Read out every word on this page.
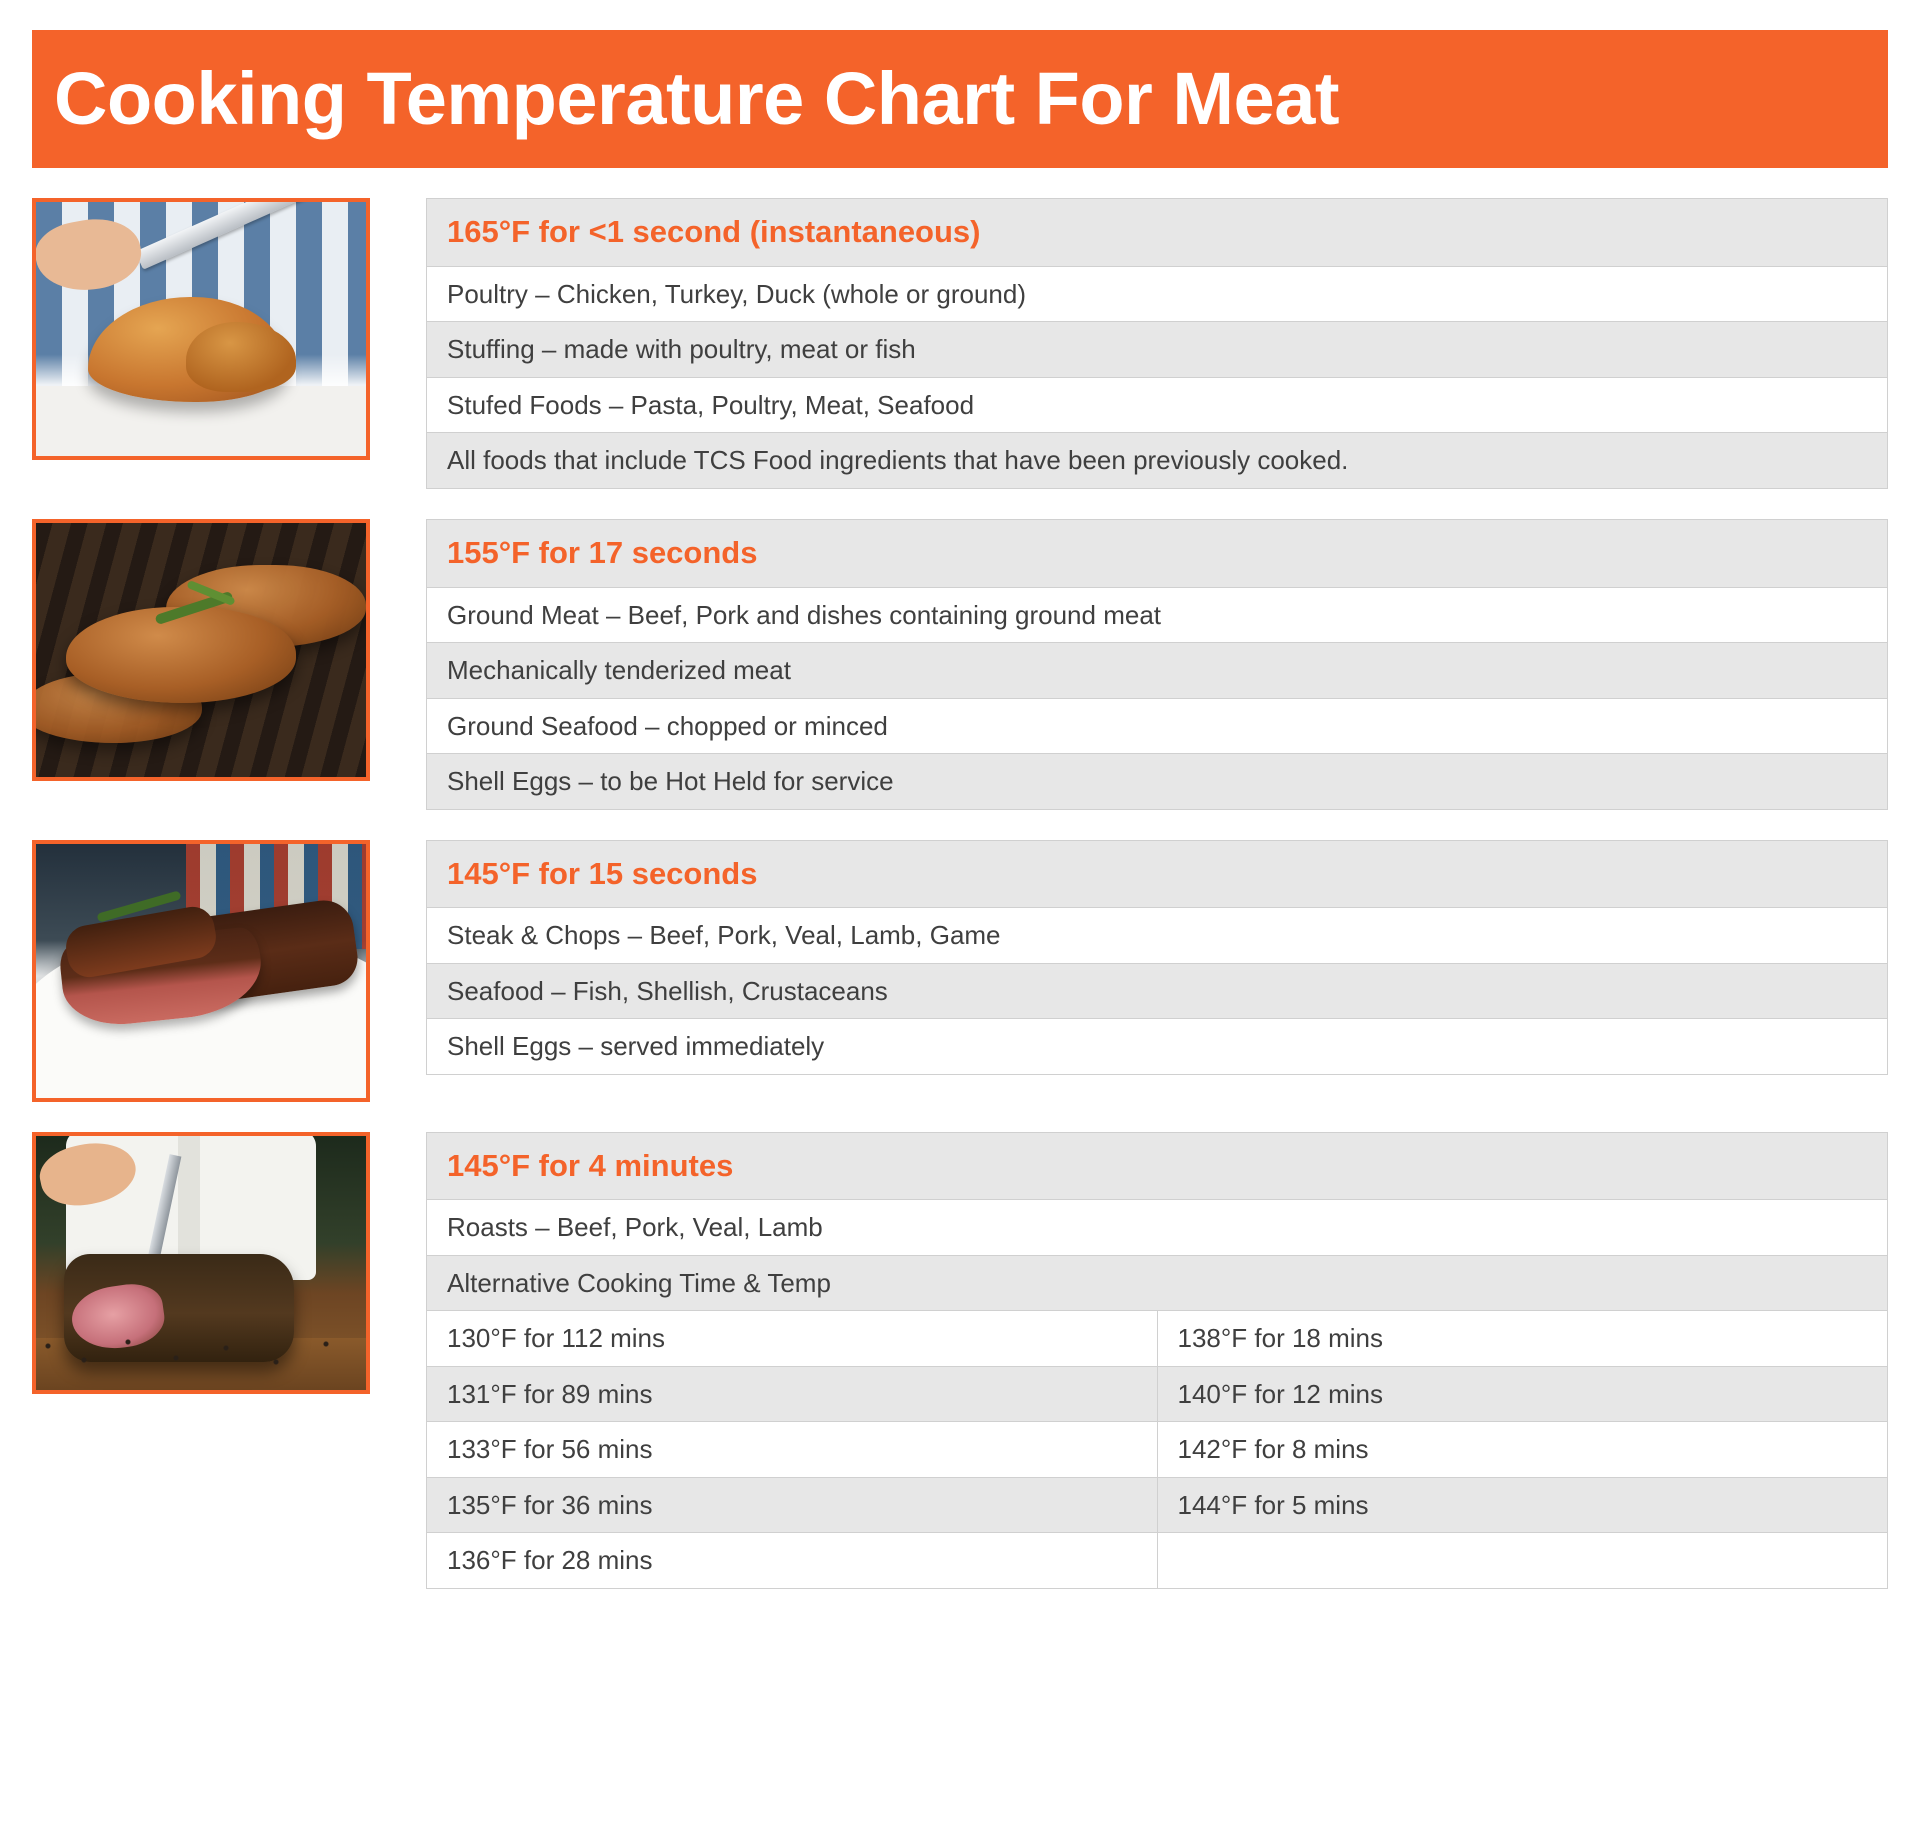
Cooking Temperature Chart For Meat
165°F for <1 second (instantaneous)
Poultry – Chicken, Turkey, Duck (whole or ground)
Stuffing – made with poultry, meat or fish
Stufed Foods – Pasta, Poultry, Meat, Seafood
All foods that include TCS Food ingredients that have been previously cooked.
155°F for 17 seconds
Ground Meat – Beef, Pork and dishes containing ground meat
Mechanically tenderized meat
Ground Seafood – chopped or minced
Shell Eggs – to be Hot Held for service
145°F for 15 seconds
Steak & Chops – Beef, Pork, Veal, Lamb, Game
Seafood – Fish, Shellish, Crustaceans
Shell Eggs – served immediately
145°F for 4 minutes	
Roasts – Beef, Pork, Veal, Lamb	
Alternative Cooking Time & Temp	
130°F for 112 mins	138°F for 18 mins
131°F for 89 mins	140°F for 12 mins
133°F for 56 mins	142°F for 8 mins
135°F for 36 mins	144°F for 5 mins
136°F for 28 mins	
